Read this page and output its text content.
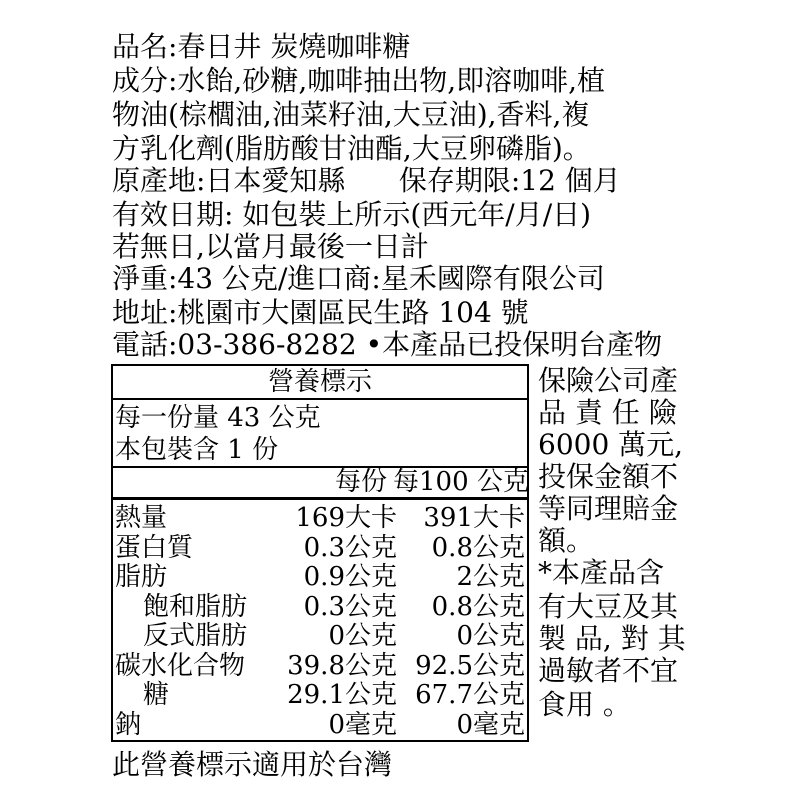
品名:春日井 炭燒咖啡糖
成分:水飴,砂糖,咖啡抽出物,即溶咖啡,植
物油(棕櫚油,油菜籽油,大豆油),香料,複
方乳化劑(脂肪酸甘油酯,大豆卵磷脂)。
原產地:日本愛知縣      保存期限:12 個月
有效日期: 如包裝上所示(西元年/月/日)
若無日,以當月最後一日計
淨重:43 公克/進口商:星禾國際有限公司
地址:桃園市大園區民生路 104 號
電話:03-386-8282 •本產品已投保明台產物
保險公司產
品 責 任 險
6000 萬元,
投保金額不
等同理賠金
額。
*本產品含
有大豆及其
製 品, 對 其
過敏者不宜
食用 。
營養標示
每一份量 43 公克
本包裝含 1 份
每份 每100 公克
熱量	169大卡	391大卡
蛋白質	0.3公克	0.8公克
脂肪	0.9公克	2公克
飽和脂肪	0.3公克	0.8公克
反式脂肪	0公克	0公克
碳水化合物	39.8公克 92.5公克
糖	29.1公克 67.7公克
鈉	0毫克	0毫克
此營養標示適用於台灣
